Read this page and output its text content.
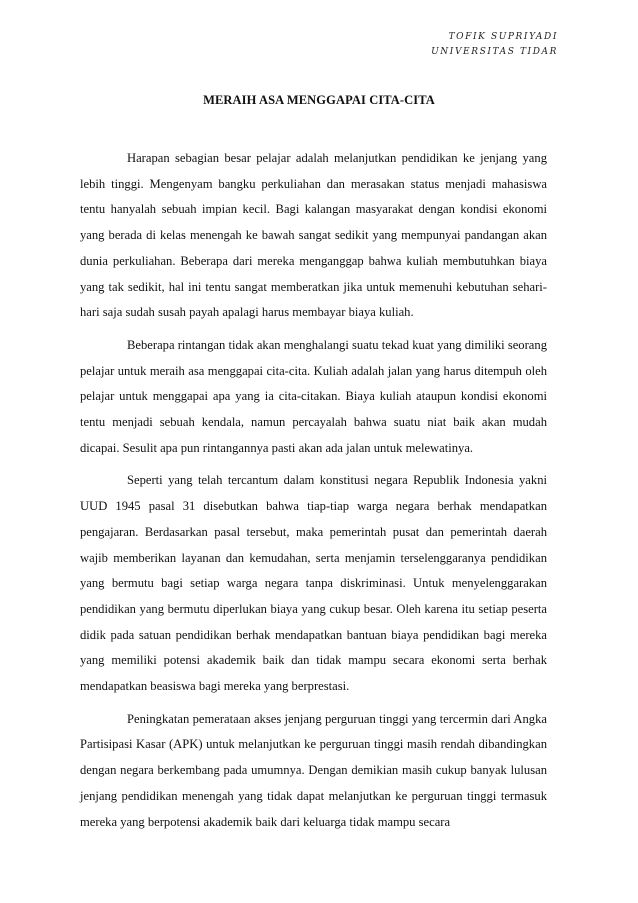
TOFIK SUPRIYADI
UNIVERSITAS TIDAR
MERAIH ASA MENGGAPAI CITA-CITA

Harapan sebagian besar pelajar adalah melanjutkan pendidikan ke jenjang yang lebih tinggi. Mengenyam bangku perkuliahan dan merasakan status menjadi mahasiswa tentu hanyalah sebuah impian kecil. Bagi kalangan masyarakat dengan kondisi ekonomi yang berada di kelas menengah ke bawah sangat sedikit yang mempunyai pandangan akan dunia perkuliahan. Beberapa dari mereka menganggap bahwa kuliah membutuhkan biaya yang tak sedikit, hal ini tentu sangat memberatkan jika untuk memenuhi kebutuhan sehari-hari saja sudah susah payah apalagi harus membayar biaya kuliah.

Beberapa rintangan tidak akan menghalangi suatu tekad kuat yang dimiliki seorang pelajar untuk meraih asa menggapai cita-cita. Kuliah adalah jalan yang harus ditempuh oleh pelajar untuk menggapai apa yang ia cita-citakan. Biaya kuliah ataupun kondisi ekonomi tentu menjadi sebuah kendala, namun percayalah bahwa suatu niat baik akan mudah dicapai. Sesulit apa pun rintangannya pasti akan ada jalan untuk melewatinya.

Seperti yang telah tercantum dalam konstitusi negara Republik Indonesia yakni UUD 1945 pasal 31 disebutkan bahwa tiap-tiap warga negara berhak mendapatkan pengajaran. Berdasarkan pasal tersebut, maka pemerintah pusat dan pemerintah daerah wajib memberikan layanan dan kemudahan, serta menjamin terselenggaranya pendidikan yang bermutu bagi setiap warga negara tanpa diskriminasi. Untuk menyelenggarakan pendidikan yang bermutu diperlukan biaya yang cukup besar. Oleh karena itu setiap peserta didik pada satuan pendidikan berhak mendapatkan bantuan biaya pendidikan bagi mereka yang memiliki potensi akademik baik dan tidak mampu secara ekonomi serta berhak mendapatkan beasiswa bagi mereka yang berprestasi.

Peningkatan pemerataan akses jenjang perguruan tinggi yang tercermin dari Angka Partisipasi Kasar (APK) untuk melanjutkan ke perguruan tinggi masih rendah dibandingkan dengan negara berkembang pada umumnya. Dengan demikian masih cukup banyak lulusan jenjang pendidikan menengah yang tidak dapat melanjutkan ke perguruan tinggi termasuk mereka yang berpotensi akademik baik dari keluarga tidak mampu secara
